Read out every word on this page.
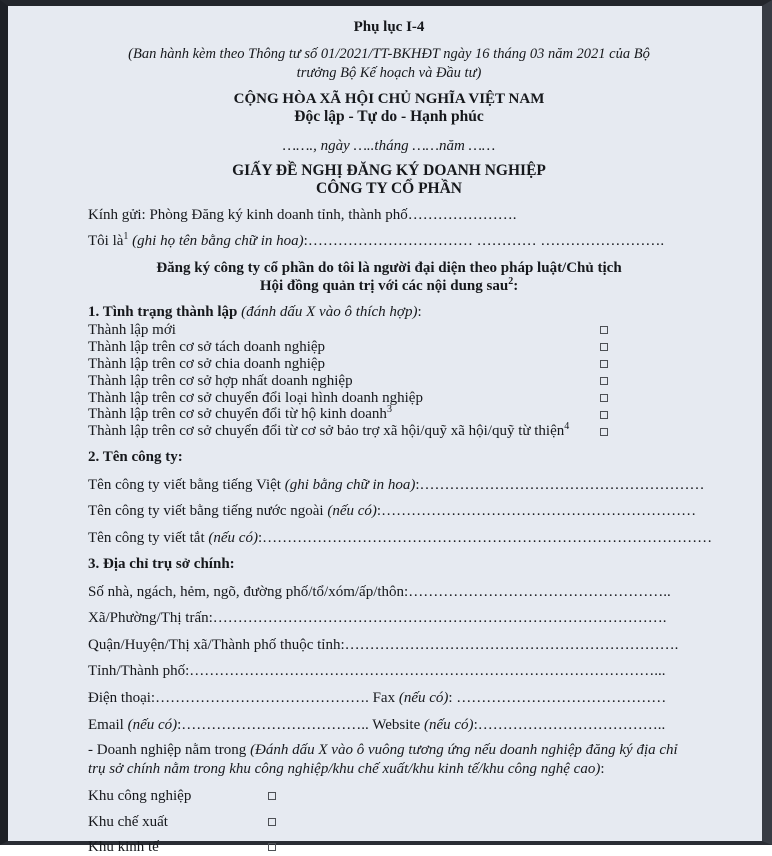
Phụ lục I-4
(Ban hành kèm theo Thông tư số 01/2021/TT-BKHĐT ngày 16 tháng 03 năm 2021 của Bộ trưởng Bộ Kế hoạch và Đầu tư)
CỘNG HÒA XÃ HỘI CHỦ NGHĨA VIỆT NAM
Độc lập - Tự do - Hạnh phúc
……., ngày …..tháng ……năm ……
GIẤY ĐỀ NGHỊ ĐĂNG KÝ DOANH NGHIỆP
CÔNG TY CỔ PHẦN
Kính gửi: Phòng Đăng ký kinh doanh tỉnh, thành phố………………….
Tôi $là^1$ (ghi họ tên bằng chữ in hoa):…………………………… ………… …………………….
Đăng ký công ty cổ phần do tôi là người đại diện theo pháp luật/Chủ tịch
Hội đồng quản trị với các nội dung sau$^2$:
1. Tình trạng thành lập (đánh dấu X vào ô thích hợp):
Thành lập mới
Thành lập trên cơ sở tách doanh nghiệp
Thành lập trên cơ sở chia doanh nghiệp
Thành lập trên cơ sở hợp nhất doanh nghiệp
Thành lập trên cơ sở chuyển đổi loại hình doanh nghiệp
Thành lập trên cơ sở chuyển đổi từ hộ kinh doanh$^3$
Thành lập trên cơ sở chuyển đổi từ cơ sở bảo trợ xã hội/quỹ xã hội/quỹ từ thiện$^4$
2. Tên công ty:
Tên công ty viết bằng tiếng Việt (ghi bằng chữ in hoa):…………………………………………………
Tên công ty viết bằng tiếng nước ngoài (nếu có):………………………………………………………
Tên công ty viết tắt (nếu có):………………………………………………………………………………
3. Địa chỉ trụ sở chính:
Số nhà, ngách, hẻm, ngõ, đường phố/tổ/xóm/ấp/thôn:……………………………………………..
Xã/Phường/Thị trấn:……………………………………………………………………………….
Quận/Huyện/Thị xã/Thành phố thuộc tỉnh:………………………………………………………….
Tỉnh/Thành phố:…………………………………………………………………………………...
Điện thoại:……………………………………. Fax (nếu có): ……………………………………
Email (nếu có):……………………………….. Website (nếu có):………………………………..
- Doanh nghiệp nằm trong (Đánh dấu X vào ô vuông tương ứng nếu doanh nghiệp đăng ký địa chỉ trụ sở chính nằm trong khu công nghiệp/khu chế xuất/khu kinh tế/khu công nghệ cao):
Khu công nghiệp
Khu chế xuất
Khu kinh tế
